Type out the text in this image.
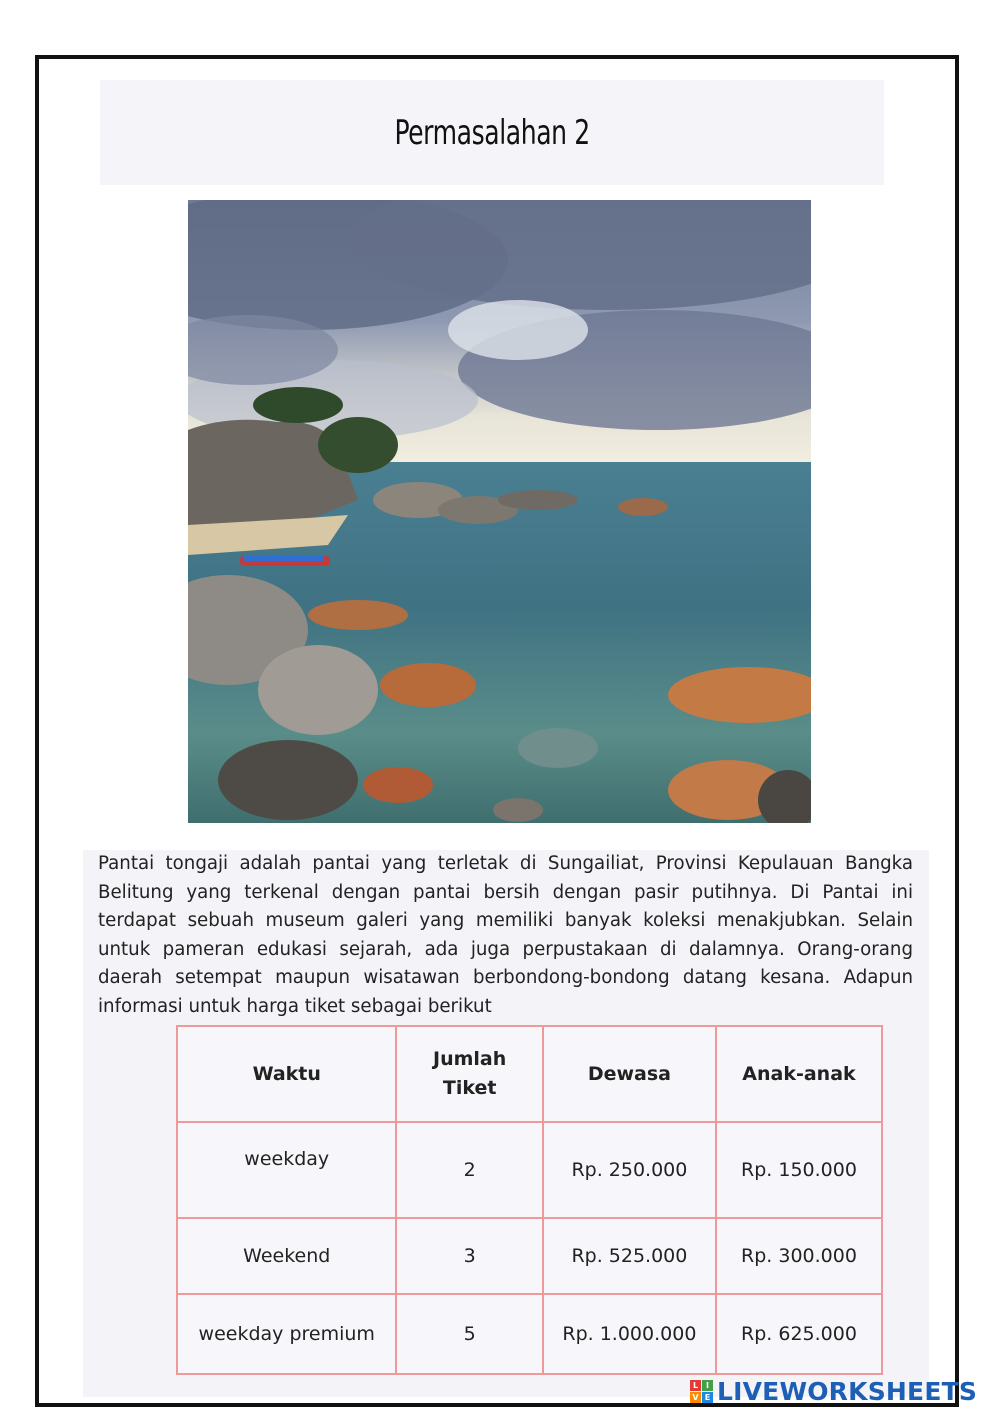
Permasalahan 2

Pantai tongaji adalah pantai yang terletak di Sungailiat, Provinsi Kepulauan Bangka Belitung yang terkenal dengan pantai bersih dengan pasir putihnya. Di Pantai ini terdapat sebuah museum galeri yang memiliki banyak koleksi menakjubkan. Selain untuk pameran edukasi sejarah, ada juga perpustakaan di dalamnya. Orang-orang daerah setempat maupun wisatawan berbondong-bondong datang kesana. Adapun informasi untuk harga tiket sebagai berikut

Waktu	Jumlah Tiket	Dewasa	Anak-anak

weekday	2	Rp. 250.000	Rp. 150.000
Weekend	3	Rp. 525.000	Rp. 300.000
weekday premium	5	Rp. 1.000.000	Rp. 625.000
L I
V E LIVEWORKSHEETS
